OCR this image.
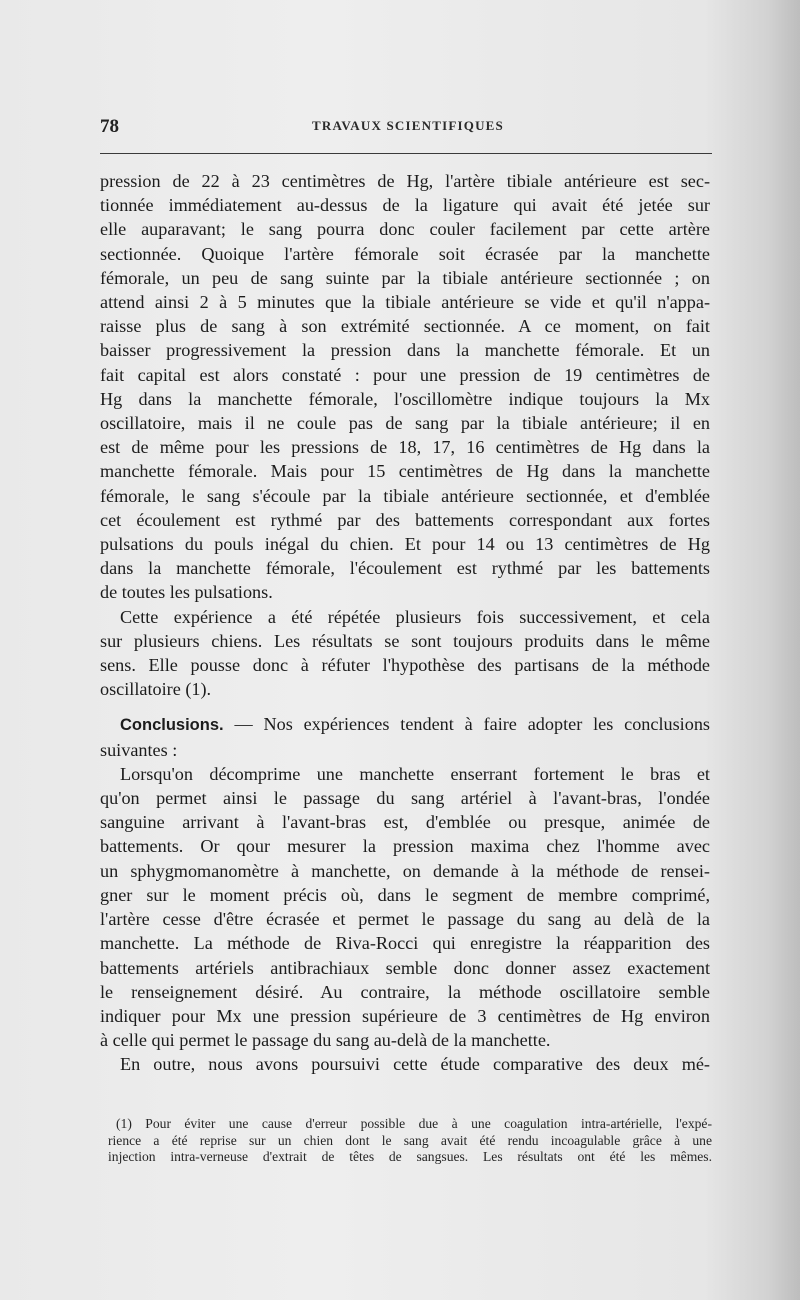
78	TRAVAUX SCIENTIFIQUES
pression de 22 à 23 centimètres de Hg, l'artère tibiale antérieure est sec-
tionnée immédiatement au-dessus de la ligature qui avait été jetée sur
elle auparavant; le sang pourra donc couler facilement par cette artère
sectionnée. Quoique l'artère fémorale soit écrasée par la manchette
fémorale, un peu de sang suinte par la tibiale antérieure sectionnée ; on
attend ainsi 2 à 5 minutes que la tibiale antérieure se vide et qu'il n'appa-
raisse plus de sang à son extrémité sectionnée. A ce moment, on fait
baisser progressivement la pression dans la manchette fémorale. Et un
fait capital est alors constaté : pour une pression de 19 centimètres de
Hg dans la manchette fémorale, l'oscillomètre indique toujours la Mx
oscillatoire, mais il ne coule pas de sang par la tibiale antérieure; il en
est de même pour les pressions de 18, 17, 16 centimètres de Hg dans la
manchette fémorale. Mais pour 15 centimètres de Hg dans la manchette
fémorale, le sang s'écoule par la tibiale antérieure sectionnée, et d'emblée
cet écoulement est rythmé par des battements correspondant aux fortes
pulsations du pouls inégal du chien. Et pour 14 ou 13 centimètres de Hg
dans la manchette fémorale, l'écoulement est rythmé par les battements
de toutes les pulsations.
Cette expérience a été répétée plusieurs fois successivement, et cela
sur plusieurs chiens. Les résultats se sont toujours produits dans le même
sens. Elle pousse donc à réfuter l'hypothèse des partisans de la méthode
oscillatoire (1).
Conclusions. — Nos expériences tendent à faire adopter les conclusions
suivantes :
Lorsqu'on décomprime une manchette enserrant fortement le bras et
qu'on permet ainsi le passage du sang artériel à l'avant-bras, l'ondée
sanguine arrivant à l'avant-bras est, d'emblée ou presque, animée de
battements. Or qour mesurer la pression maxima chez l'homme avec
un sphygmomanomètre à manchette, on demande à la méthode de rensei-
gner sur le moment précis où, dans le segment de membre comprimé,
l'artère cesse d'être écrasée et permet le passage du sang au delà de la
manchette. La méthode de Riva-Rocci qui enregistre la réapparition des
battements artériels antibrachiaux semble donc donner assez exactement
le renseignement désiré. Au contraire, la méthode oscillatoire semble
indiquer pour Mx une pression supérieure de 3 centimètres de Hg environ
à celle qui permet le passage du sang au-delà de la manchette.
En outre, nous avons poursuivi cette étude comparative des deux mé-
(1) Pour éviter une cause d'erreur possible due à une coagulation intra-artérielle, l'expé-
rience a été reprise sur un chien dont le sang avait été rendu incoagulable grâce à une
injection intra-verneuse d'extrait de têtes de sangsues. Les résultats ont été les mêmes.
